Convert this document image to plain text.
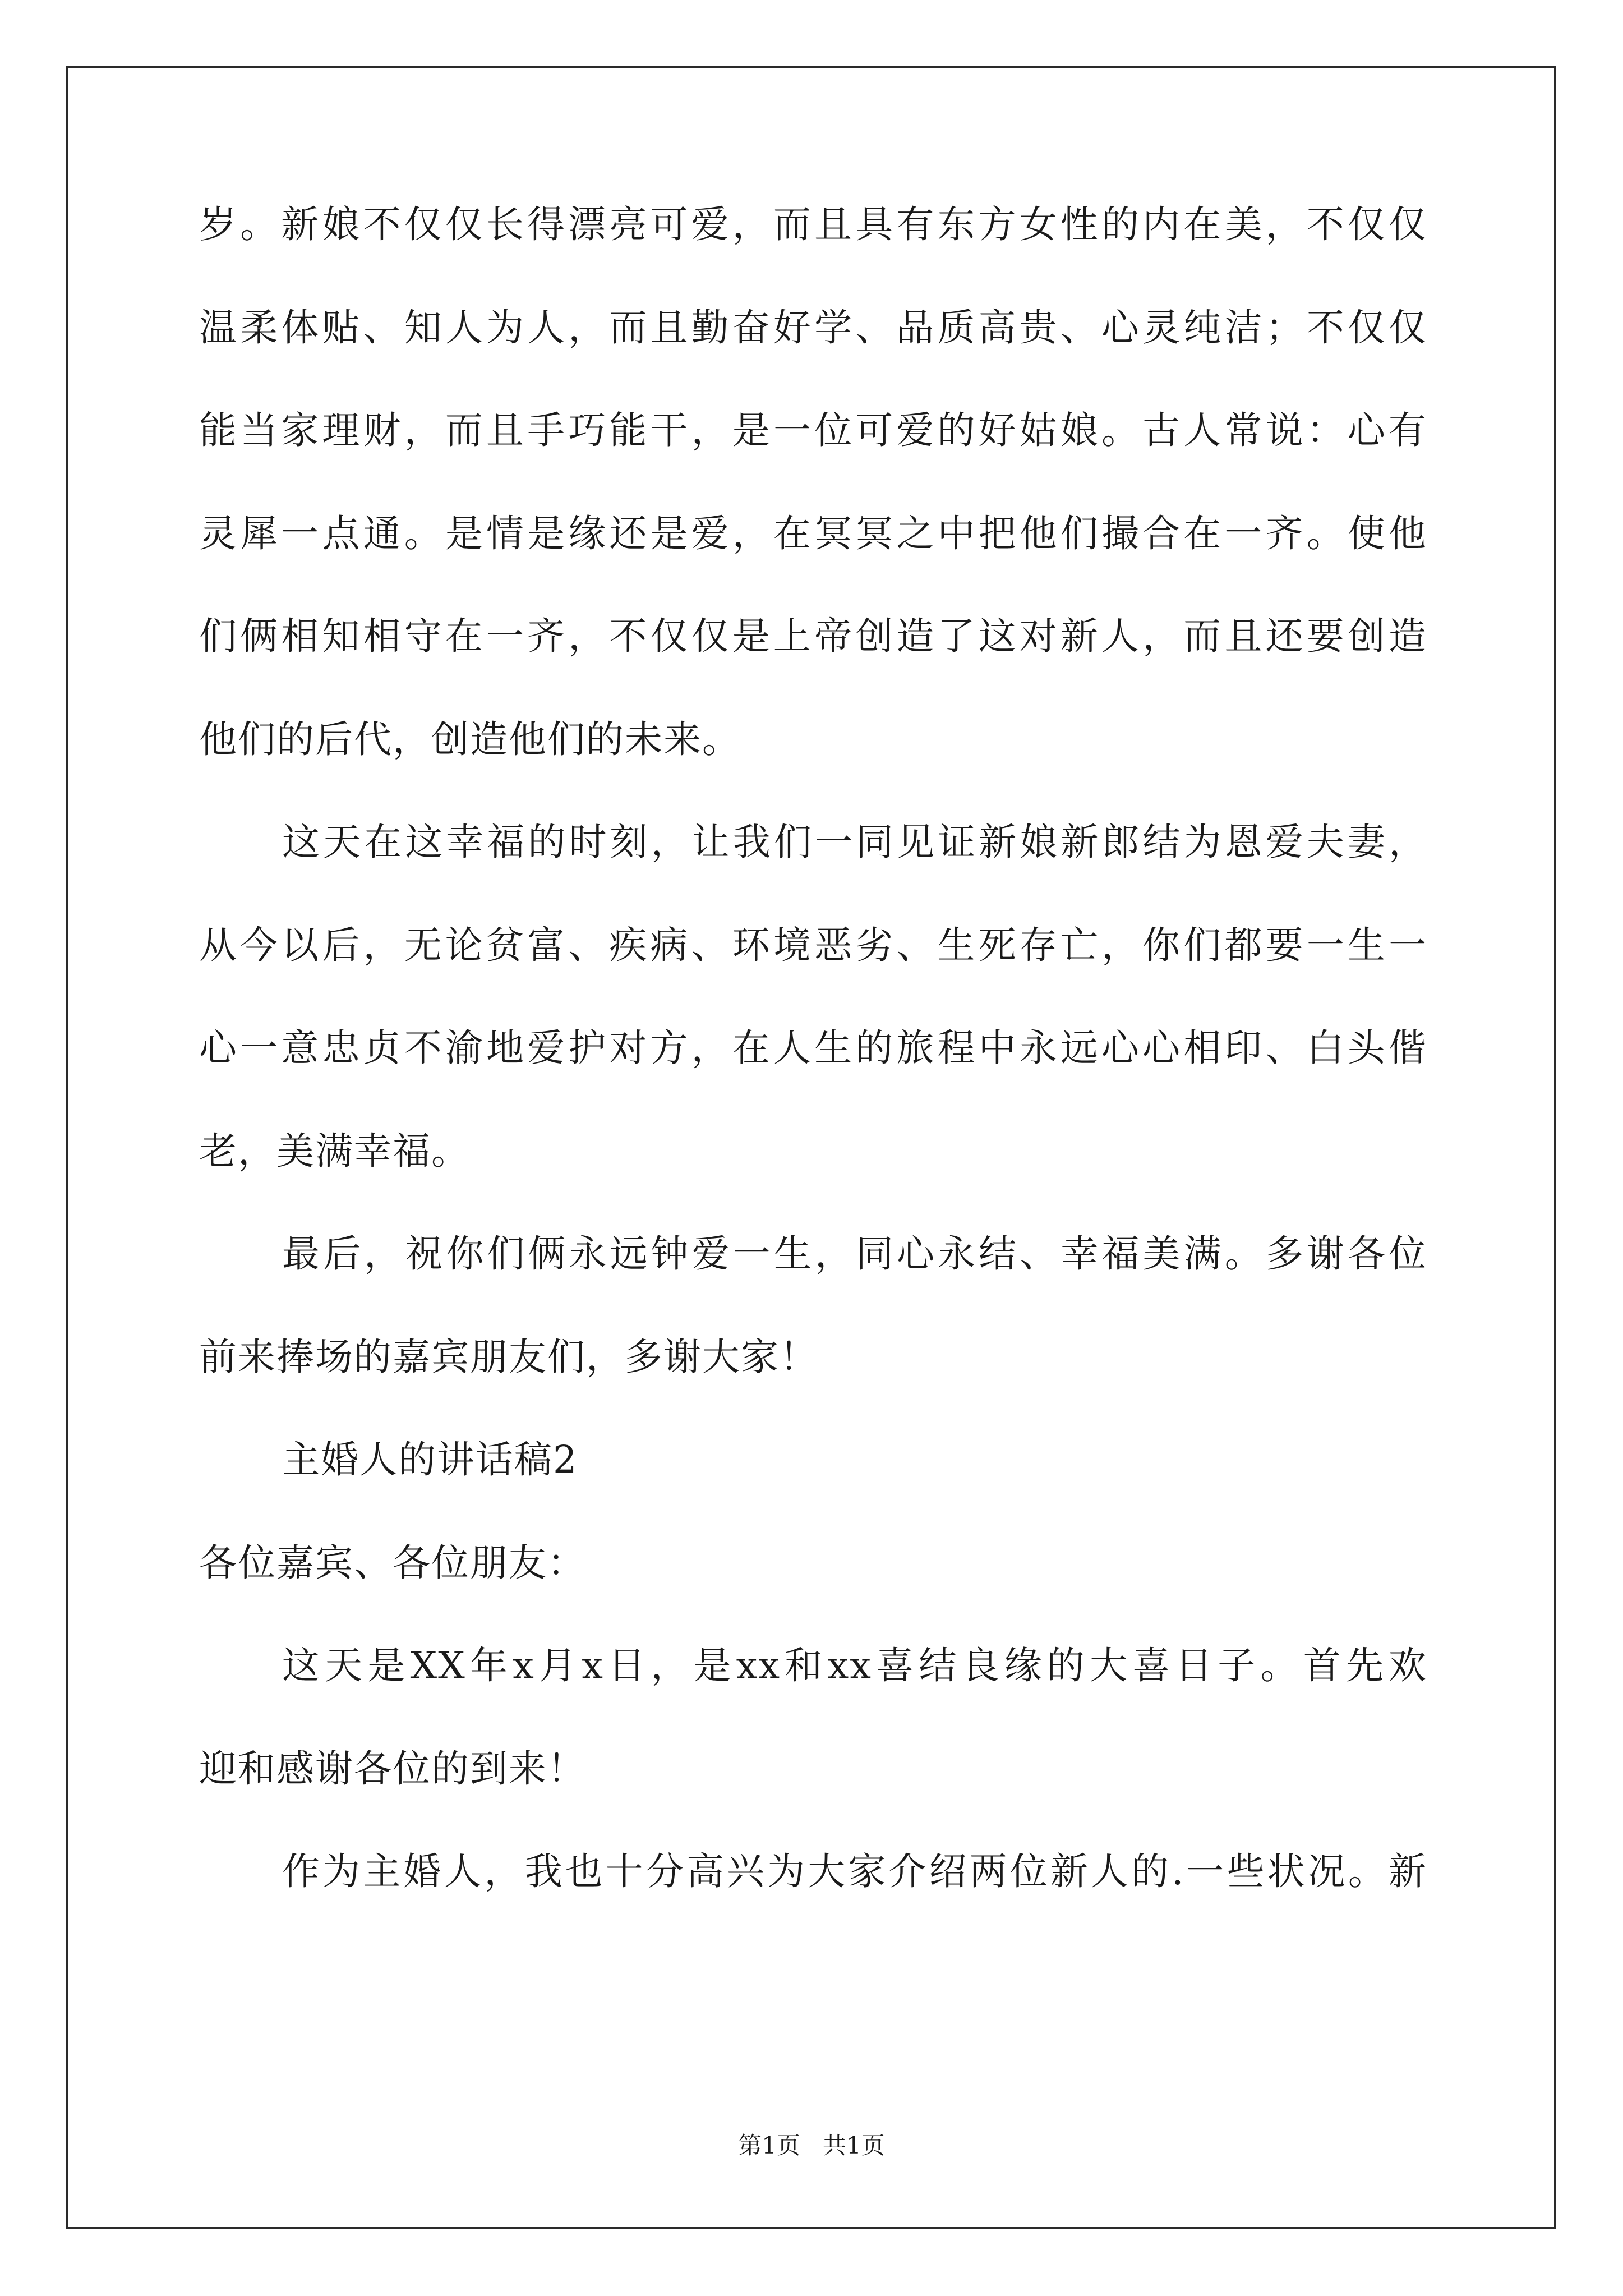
岁。新娘不仅仅长得漂亮可爱，而且具有东方女性的内在美，不仅仅
温柔体贴、知人为人，而且勤奋好学、品质高贵、心灵纯洁；不仅仅
能当家理财，而且手巧能干，是一位可爱的好姑娘。古人常说：心有
灵犀一点通。是情是缘还是爱，在冥冥之中把他们撮合在一齐。使他
们俩相知相守在一齐，不仅仅是上帝创造了这对新人，而且还要创造
他们的后代，创造他们的未来。
这天在这幸福的时刻，让我们一同见证新娘新郎结为恩爱夫妻，
从今以后，无论贫富、疾病、环境恶劣、生死存亡，你们都要一生一
心一意忠贞不渝地爱护对方，在人生的旅程中永远心心相印、白头偕
老，美满幸福。
最后，祝你们俩永远钟爱一生，同心永结、幸福美满。多谢各位
前来捧场的嘉宾朋友们，多谢大家！
主婚人的讲话稿2
各位嘉宾、各位朋友：
这天是XX年x月x日，是xx和xx喜结良缘的大喜日子。首先欢
迎和感谢各位的到来！
作为主婚人，我也十分高兴为大家介绍两位新人的.一些状况。新
第1页 共1页
